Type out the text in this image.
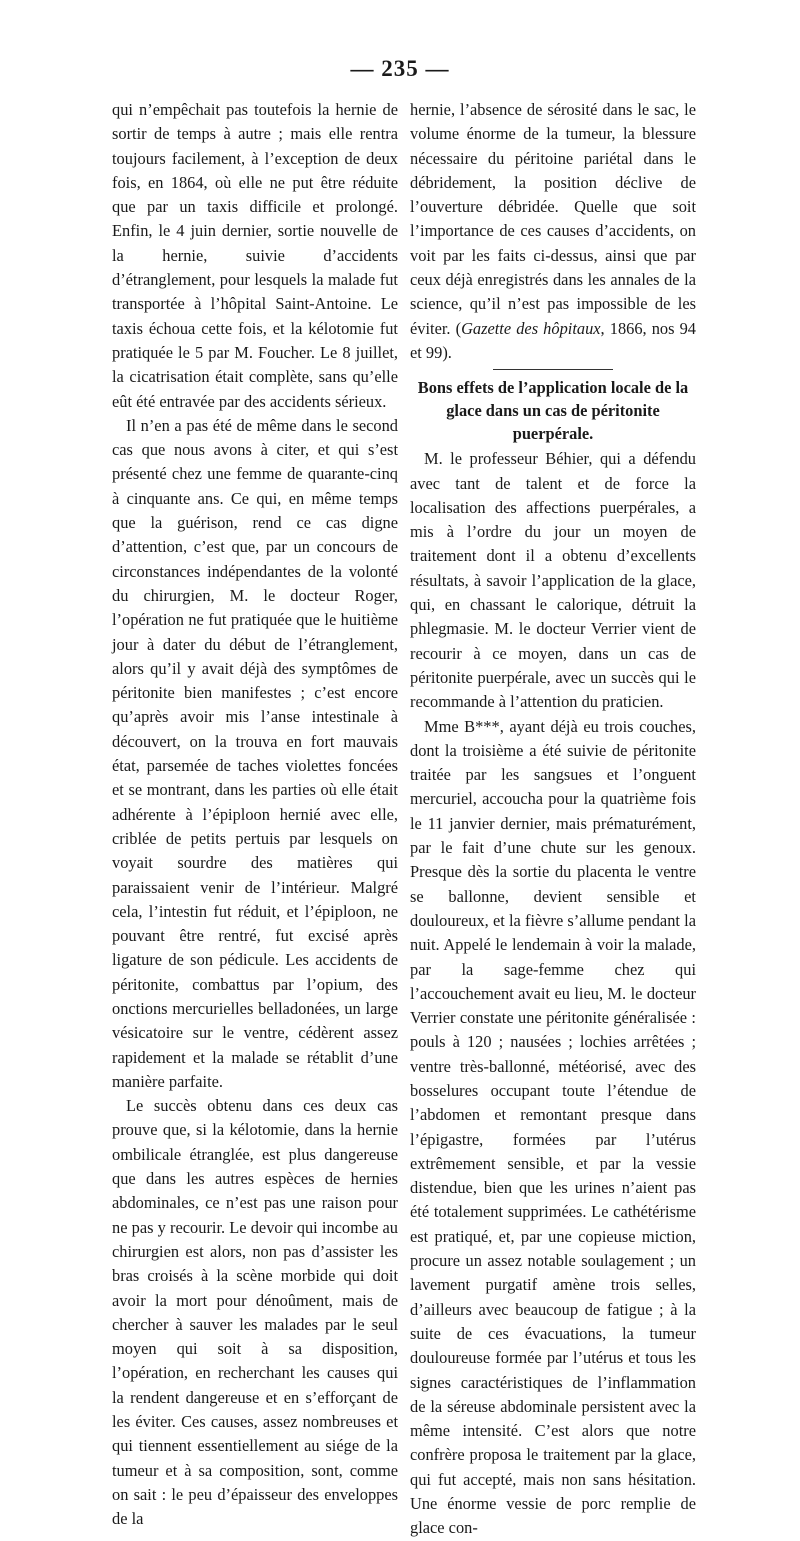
— 235 —

qui n’empêchait pas toutefois la hernie de sortir de temps à autre ; mais elle rentra toujours facilement, à l’exception de deux fois, en 1864, où elle ne put être réduite que par un taxis difficile et prolongé. Enfin, le 4 juin dernier, sortie nouvelle de la hernie, suivie d’accidents d’étranglement, pour lesquels la malade fut transportée à l’hôpital Saint-Antoine. Le taxis échoua cette fois, et la kélotomie fut pratiquée le 5 par M. Foucher. Le 8 juillet, la cicatrisation était complète, sans qu’elle eût été entravée par des accidents sérieux.

Il n’en a pas été de même dans le second cas que nous avons à citer, et qui s’est présenté chez une femme de quarante-cinq à cinquante ans. Ce qui, en même temps que la guérison, rend ce cas digne d’attention, c’est que, par un concours de circonstances indépendantes de la volonté du chirurgien, M. le docteur Roger, l’opération ne fut pratiquée que le huitième jour à dater du début de l’étranglement, alors qu’il y avait déjà des symptômes de péritonite bien manifestes ; c’est encore qu’après avoir mis l’anse intestinale à découvert, on la trouva en fort mauvais état, parsemée de taches violettes foncées et se montrant, dans les parties où elle était adhérente à l’épiploon hernié avec elle, criblée de petits pertuis par lesquels on voyait sourdre des matières qui paraissaient venir de l’intérieur. Malgré cela, l’intestin fut réduit, et l’épiploon, ne pouvant être rentré, fut excisé après ligature de son pédicule. Les accidents de péritonite, combattus par l’opium, des onctions mercurielles belladonées, un large vésicatoire sur le ventre, cédèrent assez rapidement et la malade se rétablit d’une manière parfaite.

Le succès obtenu dans ces deux cas prouve que, si la kélotomie, dans la hernie ombilicale étranglée, est plus dangereuse que dans les autres espèces de hernies abdominales, ce n’est pas une raison pour ne pas y recourir. Le devoir qui incombe au chirurgien est alors, non pas d’assister les bras croisés à la scène morbide qui doit avoir la mort pour dénoûment, mais de chercher à sauver les malades par le seul moyen qui soit à sa disposition, l’opération, en recherchant les causes qui la rendent dangereuse et en s’efforçant de les éviter. Ces causes, assez nombreuses et qui tiennent essentiellement au siége de la tumeur et à sa composition, sont, comme on sait : le peu d’épaisseur des enveloppes de la

hernie, l’absence de sérosité dans le sac, le volume énorme de la tumeur, la blessure nécessaire du péritoine pariétal dans le débridement, la position déclive de l’ouverture débridée. Quelle que soit l’importance de ces causes d’accidents, on voit par les faits ci-dessus, ainsi que par ceux déjà enregistrés dans les annales de la science, qu’il n’est pas impossible de les éviter. (Gazette des hôpitaux, 1866, nos 94 et 99).

Bons effets de l’application locale de la glace dans un cas de péritonite puerpérale.

M. le professeur Béhier, qui a défendu avec tant de talent et de force la localisation des affections puerpérales, a mis à l’ordre du jour un moyen de traitement dont il a obtenu d’excellents résultats, à savoir l’application de la glace, qui, en chassant le calorique, détruit la phlegmasie. M. le docteur Verrier vient de recourir à ce moyen, dans un cas de péritonite puerpérale, avec un succès qui le recommande à l’attention du praticien.

Mme B***, ayant déjà eu trois couches, dont la troisième a été suivie de péritonite traitée par les sangsues et l’onguent mercuriel, accoucha pour la quatrième fois le 11 janvier dernier, mais prématurément, par le fait d’une chute sur les genoux. Presque dès la sortie du placenta le ventre se ballonne, devient sensible et douloureux, et la fièvre s’allume pendant la nuit. Appelé le lendemain à voir la malade, par la sage-femme chez qui l’accouchement avait eu lieu, M. le docteur Verrier constate une péritonite généralisée : pouls à 120 ; nausées ; lochies arrêtées ; ventre très-ballonné, météorisé, avec des bosselures occupant toute l’étendue de l’abdomen et remontant presque dans l’épigastre, formées par l’utérus extrêmement sensible, et par la vessie distendue, bien que les urines n’aient pas été totalement supprimées. Le cathétérisme est pratiqué, et, par une copieuse miction, procure un assez notable soulagement ; un lavement purgatif amène trois selles, d’ailleurs avec beaucoup de fatigue ; à la suite de ces évacuations, la tumeur douloureuse formée par l’utérus et tous les signes caractéristiques de l’inflammation de la séreuse abdominale persistent avec la même intensité. C’est alors que notre confrère proposa le traitement par la glace, qui fut accepté, mais non sans hésitation. Une énorme vessie de porc remplie de glace con-
